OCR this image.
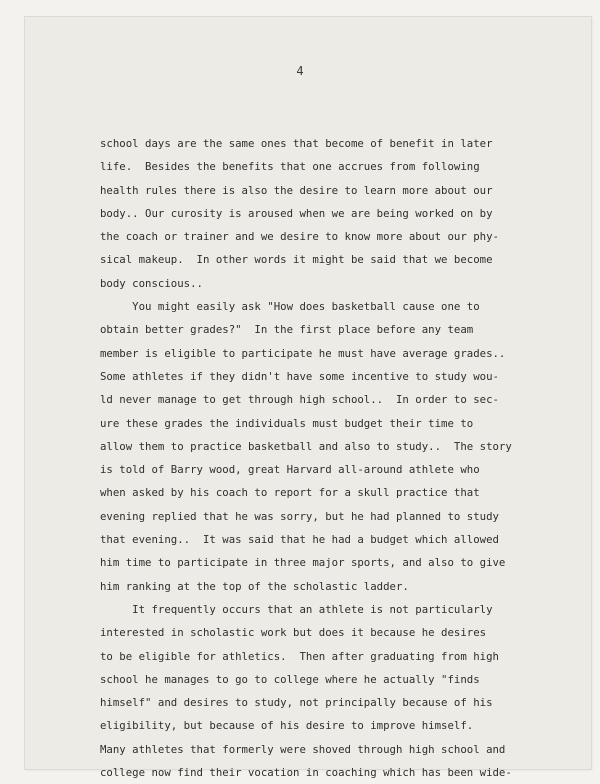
4

school days are the same ones that become of benefit in later
life.  Besides the benefits that one accrues from following
health rules there is also the desire to learn more about our
body.. Our curosity is aroused when we are being worked on by
the coach or trainer and we desire to know more about our phy-
sical makeup.  In other words it might be said that we become
body conscious..
You might easily ask "How does basketball cause one to
obtain better grades?"  In the first place before any team
member is eligible to participate he must have average grades..
Some athletes if they didn't have some incentive to study wou-
ld never manage to get through high school..  In order to sec-
ure these grades the individuals must budget their time to
allow them to practice basketball and also to study..  The story
is told of Barry wood, great Harvard all-around athlete who
when asked by his coach to report for a skull practice that
evening replied that he was sorry, but he had planned to study
that evening..  It was said that he had a budget which allowed
him time to participate in three major sports, and also to give
him ranking at the top of the scholastic ladder.
It frequently occurs that an athlete is not particularly
interested in scholastic work but does it because he desires
to be eligible for athletics.  Then after graduating from high
school he manages to go to college where he actually "finds
himself" and desires to study, not principally because of his
eligibility, but because of his desire to improve himself.
Many athletes that formerly were shoved through high school and
college now find their vocation in coaching which has been wide-
